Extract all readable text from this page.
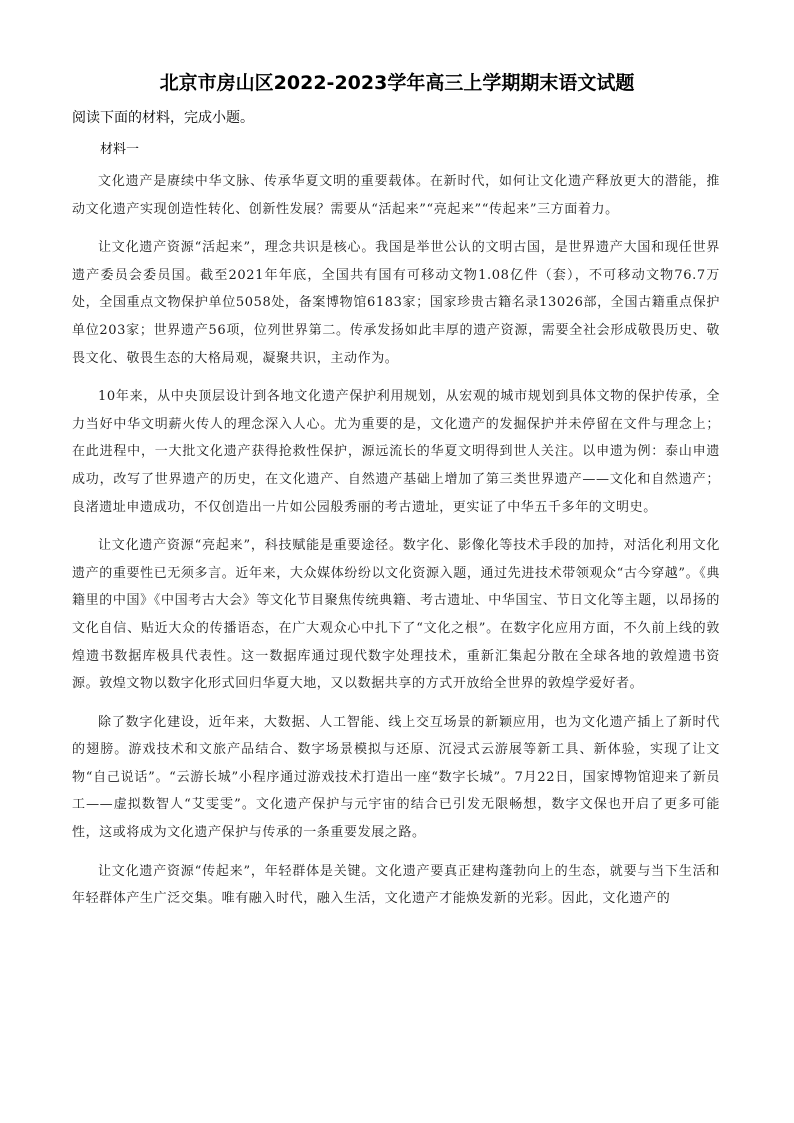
北京市房山区2022-2023学年高三上学期期末语文试题

阅读下面的材料，完成小题。

材料一

文化遗产是赓续中华文脉、传承华夏文明的重要载体。在新时代，如何让文化遗产释放更大的潜能，推动文化遗产实现创造性转化、创新性发展？需要从“活起来”“亮起来”“传起来”三方面着力。

让文化遗产资源“活起来”，理念共识是核心。我国是举世公认的文明古国，是世界遗产大国和现任世界遗产委员会委员国。截至2021年年底，全国共有国有可移动文物1.08亿件（套），不可移动文物76.7万处，全国重点文物保护单位5058处，备案博物馆6183家；国家珍贵古籍名录13026部，全国古籍重点保护单位203家；世界遗产56项，位列世界第二。传承发扬如此丰厚的遗产资源，需要全社会形成敬畏历史、敬畏文化、敬畏生态的大格局观，凝聚共识，主动作为。

10年来，从中央顶层设计到各地文化遗产保护利用规划，从宏观的城市规划到具体文物的保护传承，全力当好中华文明薪火传人的理念深入人心。尤为重要的是，文化遗产的发掘保护并未停留在文件与理念上；在此进程中，一大批文化遗产获得抢救性保护，源远流长的华夏文明得到世人关注。以申遗为例：泰山申遗成功，改写了世界遗产的历史，在文化遗产、自然遗产基础上增加了第三类世界遗产——文化和自然遗产；良渚遗址申遗成功，不仅创造出一片如公园般秀丽的考古遗址，更实证了中华五千多年的文明史。

让文化遗产资源“亮起来”，科技赋能是重要途径。数字化、影像化等技术手段的加持，对活化利用文化遗产的重要性已无须多言。近年来，大众媒体纷纷以文化资源入题，通过先进技术带领观众“古今穿越”。《典籍里的中国》《中国考古大会》等文化节目聚焦传统典籍、考古遗址、中华国宝、节日文化等主题，以昂扬的文化自信、贴近大众的传播语态，在广大观众心中扎下了“文化之根”。在数字化应用方面，不久前上线的敦煌遗书数据库极具代表性。这一数据库通过现代数字处理技术，重新汇集起分散在全球各地的敦煌遗书资源。敦煌文物以数字化形式回归华夏大地，又以数据共享的方式开放给全世界的敦煌学爱好者。

除了数字化建设，近年来，大数据、人工智能、线上交互场景的新颖应用，也为文化遗产插上了新时代的翅膀。游戏技术和文旅产品结合、数字场景模拟与还原、沉浸式云游展等新工具、新体验，实现了让文物“自己说话”。“云游长城”小程序通过游戏技术打造出一座“数字长城”。7月22日，国家博物馆迎来了新员工——虚拟数智人“艾雯雯”。文化遗产保护与元宇宙的结合已引发无限畅想，数字文保也开启了更多可能性，这或将成为文化遗产保护与传承的一条重要发展之路。

让文化遗产资源“传起来”，年轻群体是关键。文化遗产要真正建构蓬勃向上的生态，就要与当下生活和年轻群体产生广泛交集。唯有融入时代，融入生活，文化遗产才能焕发新的光彩。因此，文化遗产的
